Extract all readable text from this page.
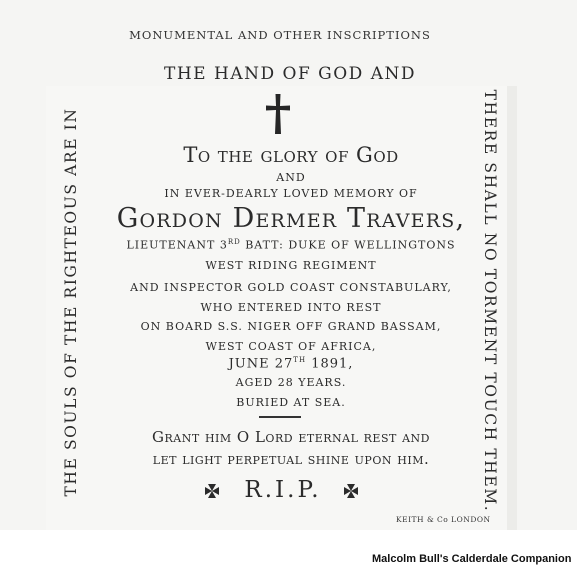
MONUMENTAL AND OTHER INSCRIPTIONS
THE HAND OF GOD AND
THE SOULS OF THE RIGHTEOUS ARE IN	THERE SHALL NO TORMENT TOUCH THEM.
To the glory of God
AND
IN EVER-DEARLY LOVED MEMORY OF
Gordon Dermer Travers,
LIEUTENANT 3RD BATT: DUKE OF WELLINGTONS
WEST RIDING REGIMENT
AND INSPECTOR GOLD COAST CONSTABULARY,
WHO ENTERED INTO REST
ON BOARD S.S. NIGER OFF GRAND BASSAM,
WEST COAST OF AFRICA,
JUNE 27TH 1891,
AGED 28 YEARS.
BURIED AT SEA.
Grant him O Lord eternal rest and
let light perpetual shine upon him.
R.I.P.
KEITH & Co LONDON
Malcolm Bull's Calderdale Companion
